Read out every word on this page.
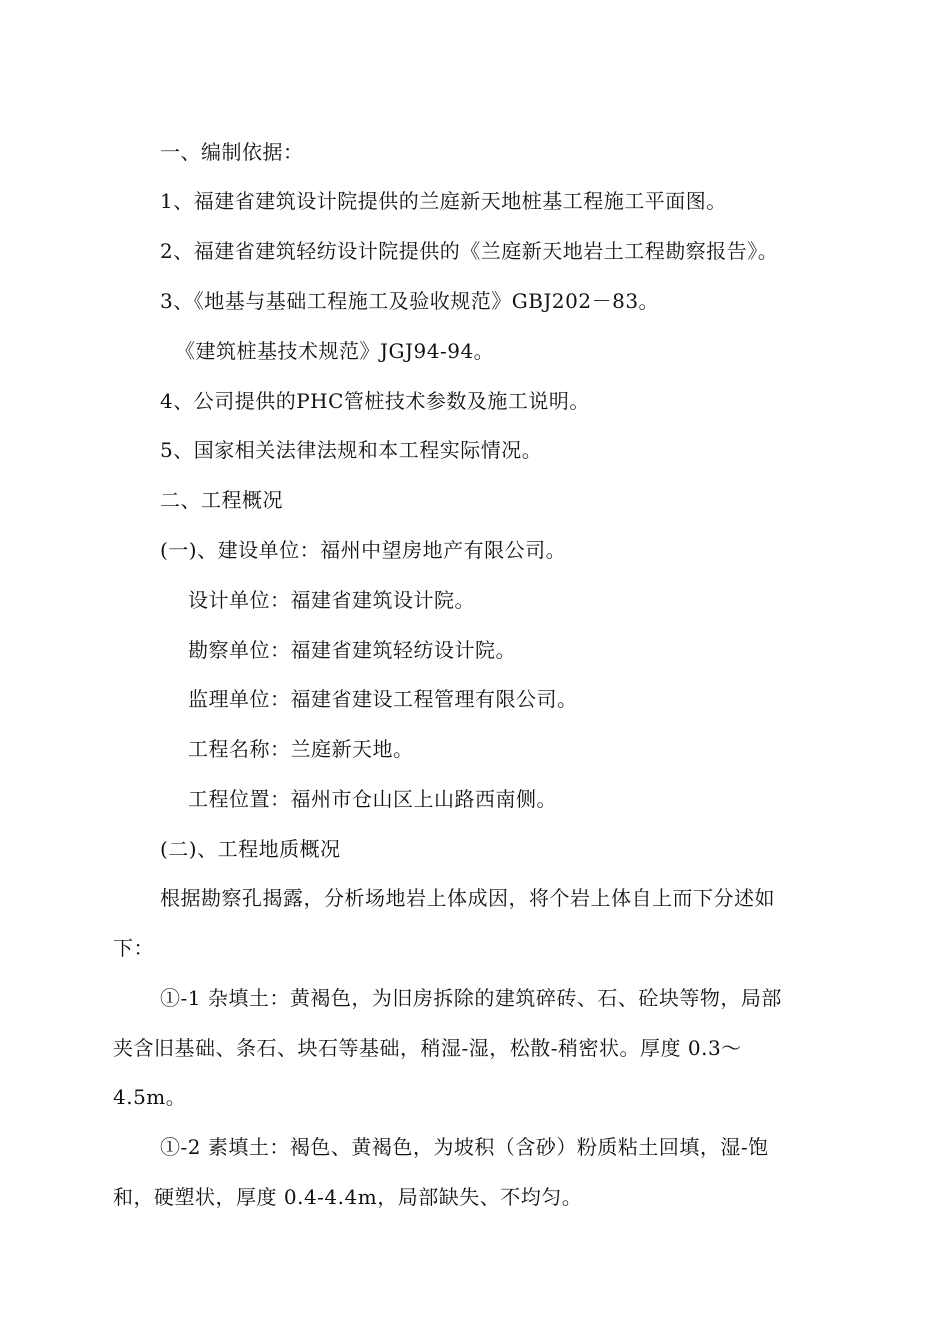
一、编制依据：
1、福建省建筑设计院提供的兰庭新天地桩基工程施工平面图。
2、福建省建筑轻纺设计院提供的《兰庭新天地岩土工程勘察报告》。
3、《地基与基础工程施工及验收规范》GBJ202－83。
《建筑桩基技术规范》JGJ94-94。
4、公司提供的PHC管桩技术参数及施工说明。
5、国家相关法律法规和本工程实际情况。
二、工程概况
(一)、建设单位：福州中望房地产有限公司。
设计单位：福建省建筑设计院。
勘察单位：福建省建筑轻纺设计院。
监理单位：福建省建设工程管理有限公司。
工程名称：兰庭新天地。
工程位置：福州市仓山区上山路西南侧。
(二)、工程地质概况
根据勘察孔揭露，分析场地岩上体成因，将个岩上体自上而下分述如
下：
①-1 杂填土：黄褐色，为旧房拆除的建筑碎砖、石、砼块等物，局部
夹含旧基础、条石、块石等基础，稍湿-湿，松散-稍密状。厚度 0.3～
4.5m。
①-2 素填土：褐色、黄褐色，为坡积（含砂）粉质粘土回填，湿-饱
和，硬塑状，厚度 0.4-4.4m，局部缺失、不均匀。
